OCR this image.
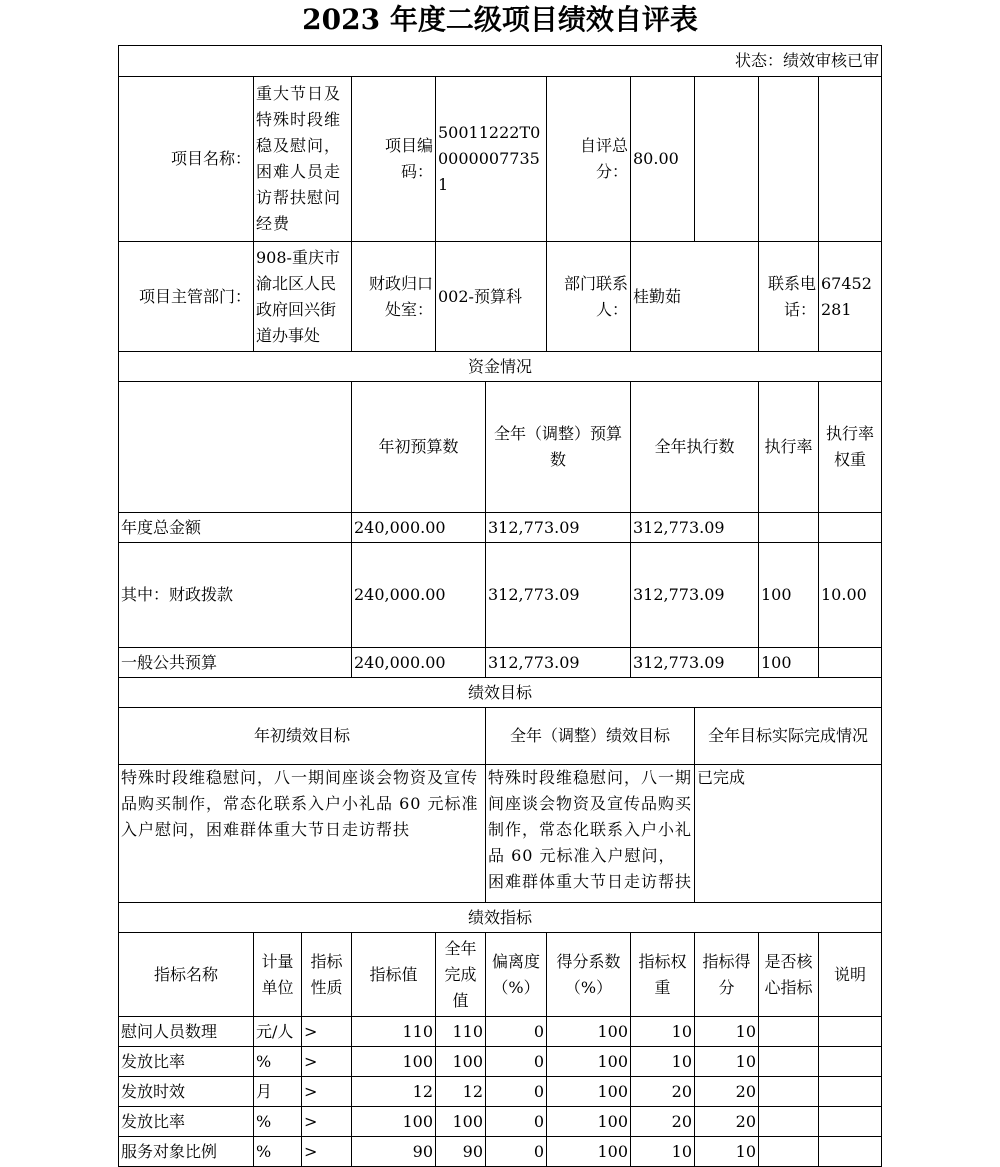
2023 年度二级项目绩效自评表
状态：绩效审核已审											
项目名称：	重大节日及特殊时段维稳及慰问，困难人员走访帮扶慰问经费		项目编码：	50011222T000000077351		自评总分：	80.00				
项目主管部门：	908-重庆市渝北区人民政府回兴街道办事处		财政归口处室：	002-预算科		部门联系人：	桂勤茹		联系电话：	67452281	
资金情况											
			年初预算数		全年（调整）预算数		全年执行数		执行率	执行率权重	
年度总金额			240,000.00		312,773.09		312,773.09				
其中：财政拨款			240,000.00		312,773.09		312,773.09		100	10.00	
一般公共预算			240,000.00		312,773.09		312,773.09		100		
绩效目标											
年初绩效目标					全年（调整）绩效目标			全年目标实际完成情况			
特殊时段维稳慰问，八一期间座谈会物资及宣传品购买制作，常态化联系入户小礼品 60 元标准入户慰问，困难群体重大节日走访帮扶					特殊时段维稳慰问，八一期间座谈会物资及宣传品购买制作，常态化联系入户小礼品 60 元标准入户慰问，困难群体重大节日走访帮扶			已完成			
绩效指标											
指标名称	计量单位	指标性质	指标值	全年完成值	偏离度（%）	得分系数（%）	指标权重	指标得分	是否核心指标	说明	
慰问人员数理	元/人	>	110	110	0	100	10	10			
发放比率	%	>	100	100	0	100	10	10			
发放时效	月	>	12	12	0	100	20	20			
发放比率	%	>	100	100	0	100	20	20			
服务对象比例	%	>	90	90	0	100	10	10			
